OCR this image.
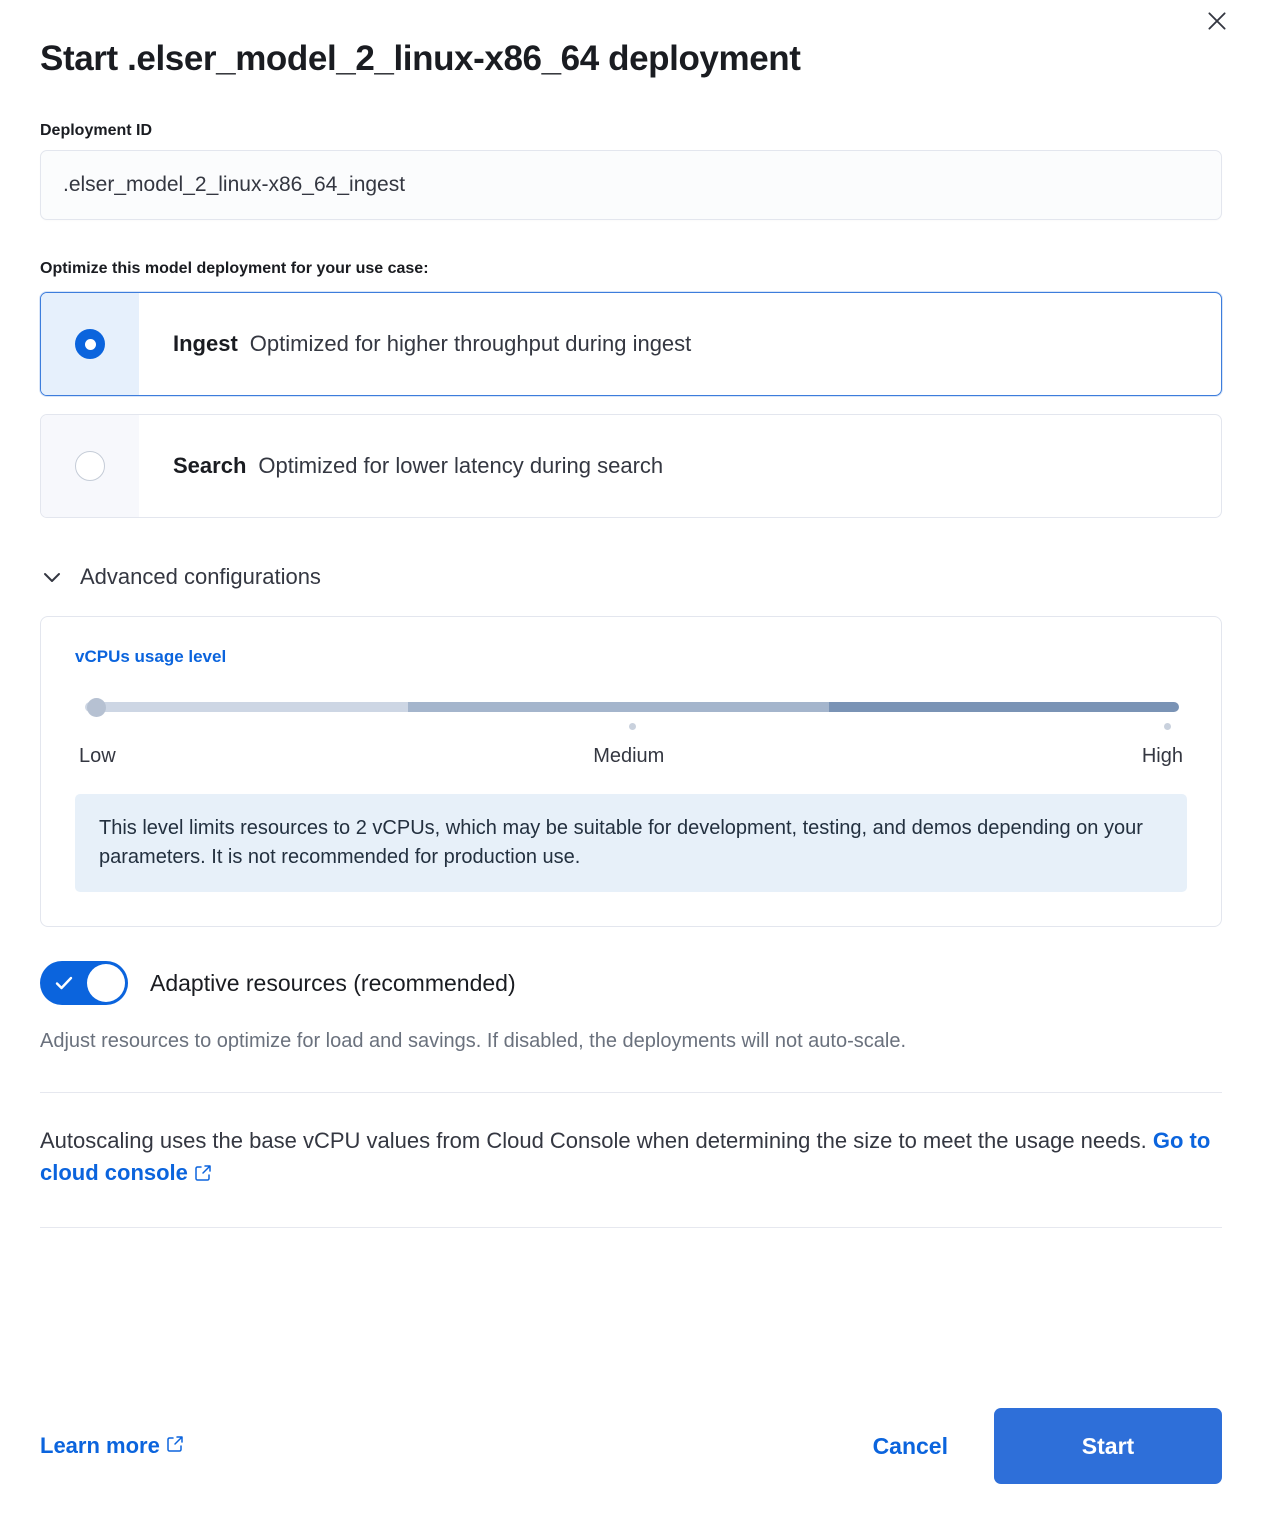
Start .elser_model_2_linux-x86_64 deployment
Deployment ID
.elser_model_2_linux-x86_64_ingest
Optimize this model deployment for your use case:
Ingest Optimized for higher throughput during ingest
Search Optimized for lower latency during search
Advanced configurations
vCPUs usage level
Low	Medium	High
This level limits resources to 2 vCPUs, which may be suitable for development, testing, and demos depending on your parameters. It is not recommended for production use.
Adaptive resources (recommended)
Adjust resources to optimize for load and savings. If disabled, the deployments will not auto-scale.
Autoscaling uses the base vCPU values from Cloud Console when determining the size to meet the usage needs. Go to cloud console
Learn more	Cancel	Start
